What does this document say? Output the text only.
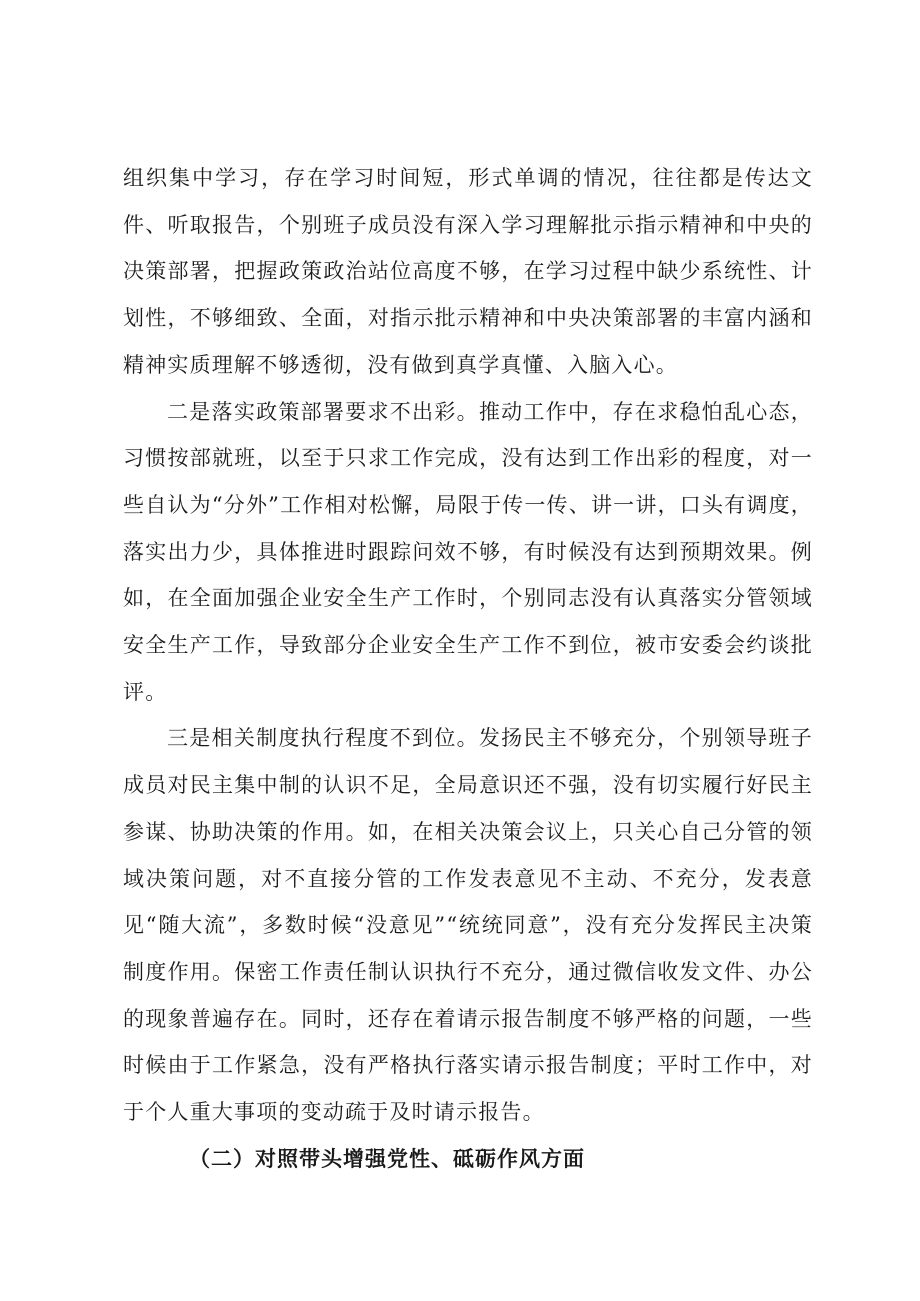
组织集中学习，存在学习时间短，形式单调的情况，往往都是传达文件、听取报告，个别班子成员没有深入学习理解批示指示精神和中央的决策部署，把握政策政治站位高度不够，在学习过程中缺少系统性、计划性，不够细致、全面，对指示批示精神和中央决策部署的丰富内涵和精神实质理解不够透彻，没有做到真学真懂、入脑入心。

二是落实政策部署要求不出彩。推动工作中，存在求稳怕乱心态，习惯按部就班，以至于只求工作完成，没有达到工作出彩的程度，对一些自认为“分外”工作相对松懈，局限于传一传、讲一讲，口头有调度，落实出力少，具体推进时跟踪问效不够，有时候没有达到预期效果。例如，在全面加强企业安全生产工作时，个别同志没有认真落实分管领域安全生产工作，导致部分企业安全生产工作不到位，被市安委会约谈批评。

三是相关制度执行程度不到位。发扬民主不够充分，个别领导班子成员对民主集中制的认识不足，全局意识还不强，没有切实履行好民主参谋、协助决策的作用。如，在相关决策会议上，只关心自己分管的领域决策问题，对不直接分管的工作发表意见不主动、不充分，发表意见“随大流”，多数时候“没意见”“统统同意”，没有充分发挥民主决策制度作用。保密工作责任制认识执行不充分，通过微信收发文件、办公的现象普遍存在。同时，还存在着请示报告制度不够严格的问题，一些时候由于工作紧急，没有严格执行落实请示报告制度；平时工作中，对于个人重大事项的变动疏于及时请示报告。

（二）对照带头增强党性、砥砺作风方面
